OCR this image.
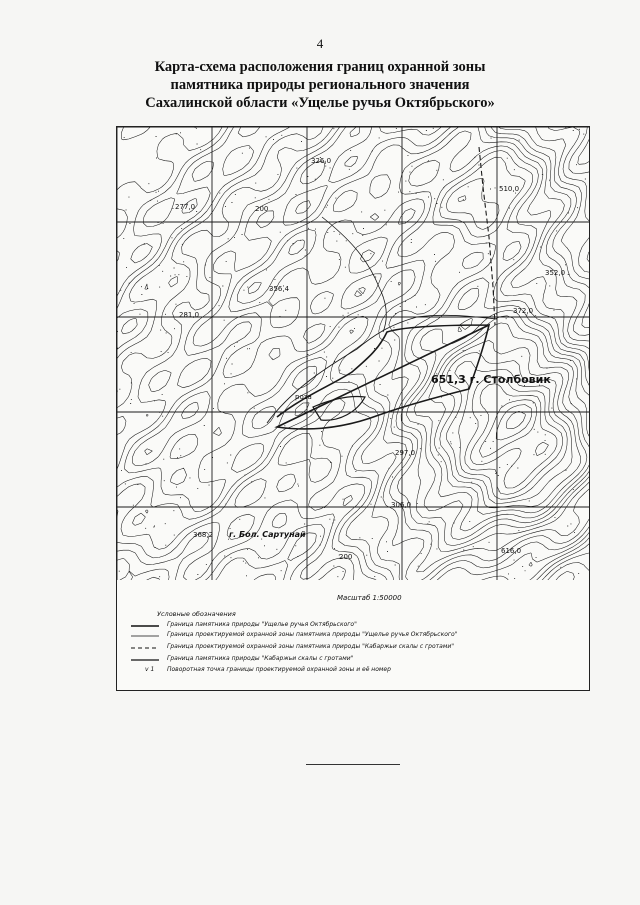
4
Карта-схема расположения границ охранной зоны
памятника природы регионального значения
Сахалинской области «Ущелье ручья Октябрьского»
326,0
277,0	200
356,4
281,0
352,0
510,0
372,0
297,0
306,0
368,2
200
616,0
651,3 г. Столбовик
г. Бол. Сартунай
роза
Масштаб 1:50000
Условные обозначения
Граница памятника природы "Ущелье ручья Октябрьского"
Граница проектируемой охранной зоны памятника природы "Ущелье ручья Октябрьского"
Граница проектируемой охранной зоны памятника природы "Кабаржьи скалы с гротами"
Граница памятника природы "Кабаржьи скалы с гротами"
v 1 Поворотная точка границы проектируемой охранной зоны и её номер
